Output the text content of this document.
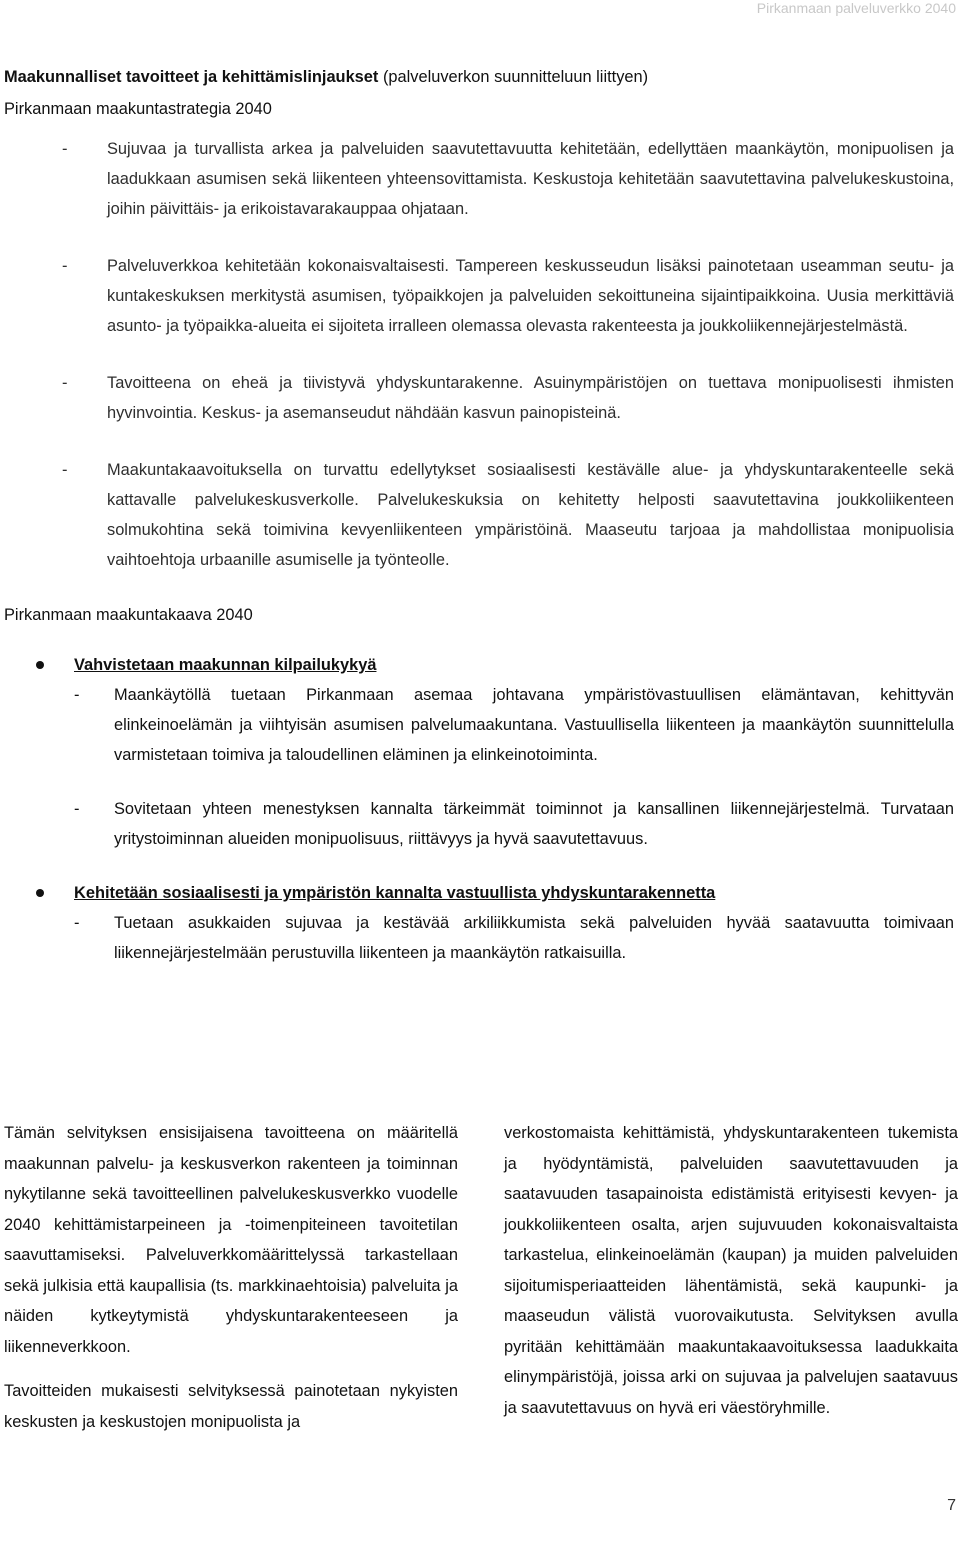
Pirkanmaan palveluverkko 2040
Maakunnalliset tavoitteet ja kehittämislinjaukset (palveluverkon suunnitteluun liittyen)
Pirkanmaan maakuntastrategia 2040
- Sujuvaa ja turvallista arkea ja palveluiden saavutettavuutta kehitetään, edellyttäen maankäytön, monipuolisen ja laadukkaan asumisen sekä liikenteen yhteensovittamista. Keskustoja kehitetään saavutettavina palvelukeskustoina, joihin päivittäis- ja erikoistavarakauppaa ohjataan.
- Palveluverkkoa kehitetään kokonaisvaltaisesti. Tampereen keskusseudun lisäksi painotetaan useamman seutu- ja kuntakeskuksen merkitystä asumisen, työpaikkojen ja palveluiden sekoittuneina sijaintipaikkoina. Uusia merkittäviä asunto- ja työpaikka-alueita ei sijoiteta irralleen olemassa olevasta rakenteesta ja joukkoliikennejärjestelmästä.
- Tavoitteena on eheä ja tiivistyvä yhdyskuntarakenne. Asuinympäristöjen on tuettava monipuolisesti ihmisten hyvinvointia. Keskus- ja asemanseudut nähdään kasvun painopisteinä.
- Maakuntakaavoituksella on turvattu edellytykset sosiaalisesti kestävälle alue- ja yhdyskuntarakenteelle sekä kattavalle palvelukeskusverkolle. Palvelukeskuksia on kehitetty helposti saavutettavina joukkoliikenteen solmukohtina sekä toimivina kevyenliikenteen ympäristöinä. Maaseutu tarjoaa ja mahdollistaa monipuolisia vaihtoehtoja urbaanille asumiselle ja työnteolle.
Pirkanmaan maakuntakaava 2040

Vahvistetaan maakunnan kilpailukykyä

- Maankäytöllä tuetaan Pirkanmaan asemaa johtavana ympäristövastuullisen elämäntavan, kehittyvän elinkeinoelämän ja viihtyisän asumisen palvelumaakuntana. Vastuullisella liikenteen ja maankäytön suunnittelulla varmistetaan toimiva ja taloudellinen eläminen ja elinkeinotoiminta.
- Sovitetaan yhteen menestyksen kannalta tärkeimmät toiminnot ja kansallinen liikennejärjestelmä. Turvataan yritystoiminnan alueiden monipuolisuus, riittävyys ja hyvä saavutettavuus.

Kehitetään sosiaalisesti ja ympäristön kannalta vastuullista yhdyskuntarakennetta

- Tuetaan asukkaiden sujuvaa ja kestävää arkiliikkumista sekä palveluiden hyvää saatavuutta toimivaan liikennejärjestelmään perustuvilla liikenteen ja maankäytön ratkaisuilla.

Tämän selvityksen ensisijaisena tavoitteena on määritellä maakunnan palvelu- ja keskusverkon rakenteen ja toiminnan nykytilanne sekä tavoitteellinen palvelukeskusverkko vuodelle 2040 kehittämistarpeineen ja -toimenpiteineen tavoitetilan saavuttamiseksi. Palveluverkkomäärittelyssä tarkastellaan sekä julkisia että kaupallisia (ts. markkinaehtoisia) palveluita ja näiden kytkeytymistä yhdyskuntarakenteeseen ja liikenneverkkoon.

Tavoitteiden mukaisesti selvityksessä painotetaan nykyisten keskusten ja keskustojen monipuolista ja

verkostomaista kehittämistä, yhdyskuntarakenteen tukemista ja hyödyntämistä, palveluiden saavutettavuuden ja saatavuuden tasapainoista edistämistä erityisesti kevyen- ja joukkoliikenteen osalta, arjen sujuvuuden kokonaisvaltaista tarkastelua, elinkeinoelämän (kaupan) ja muiden palveluiden sijoitumisperiaatteiden lähentämistä, sekä kaupunki- ja maaseudun välistä vuorovaikutusta. Selvityksen avulla pyritään kehittämään maakuntakaavoituksessa laadukkaita elinympäristöjä, joissa arki on sujuvaa ja palvelujen saatavuus ja saavutettavuus on hyvä eri väestöryhmille.

7
